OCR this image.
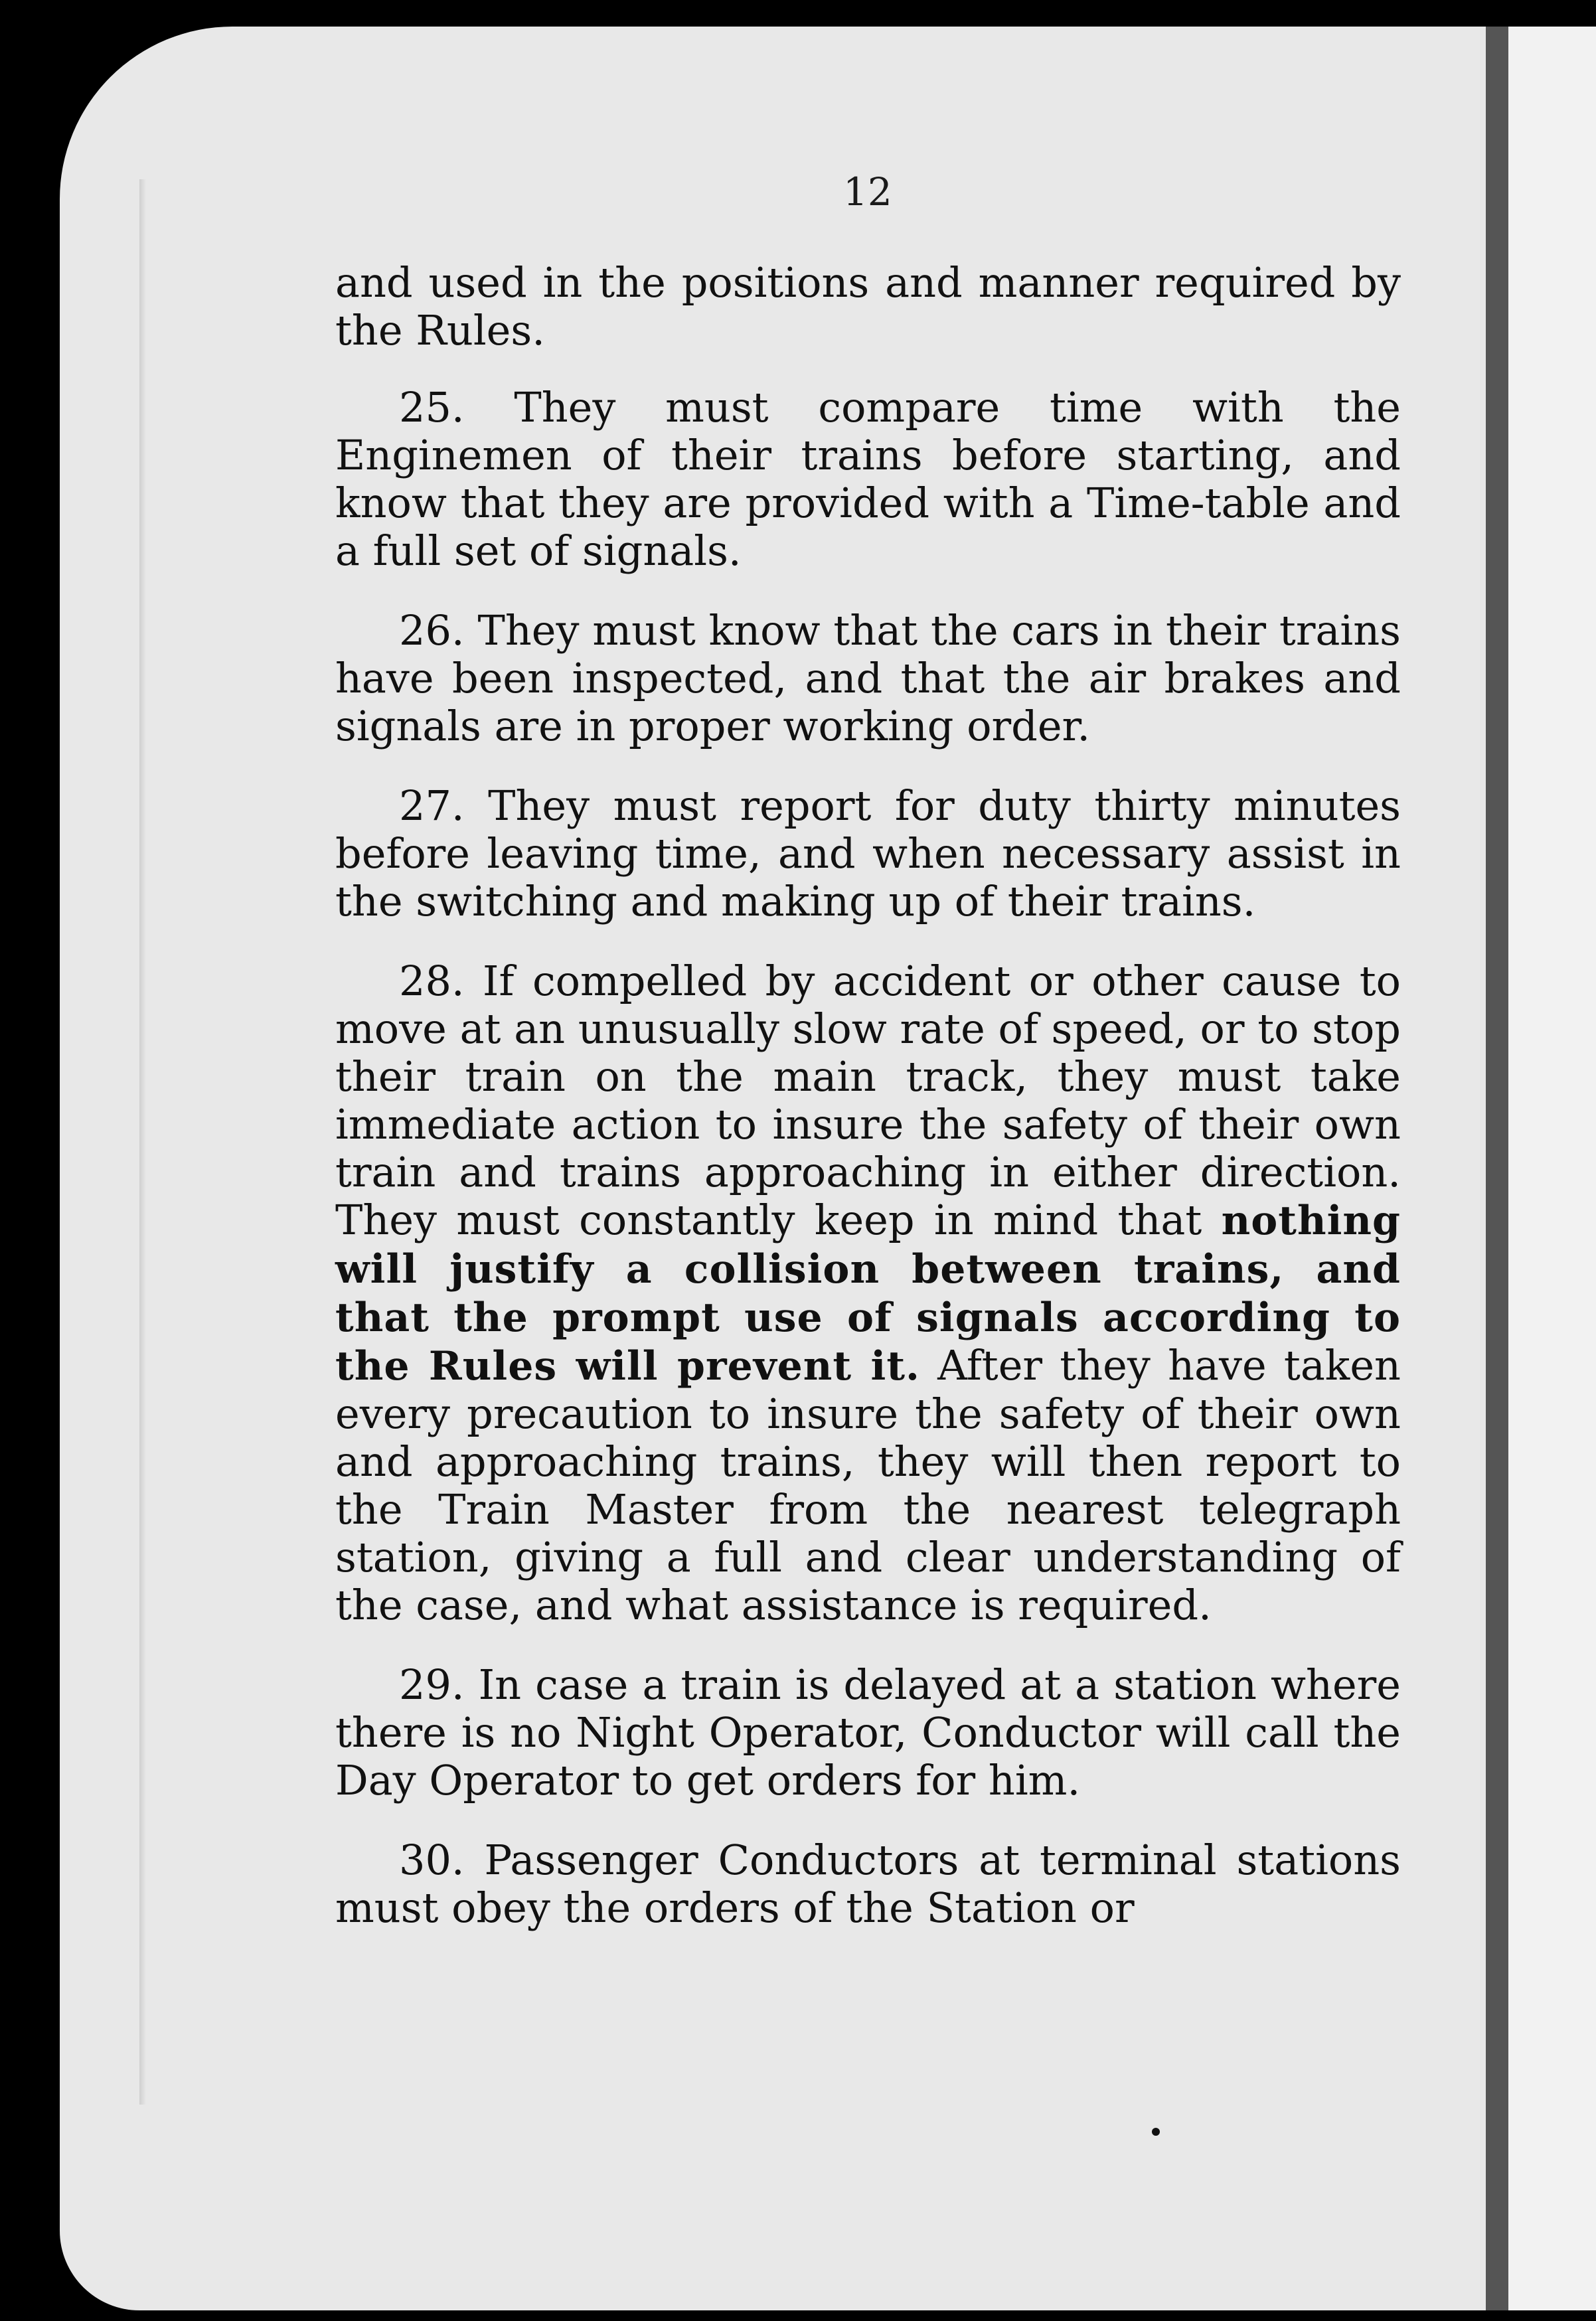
12

and used in the positions and manner required by the Rules.

25. They must compare time with the Enginemen of their trains before starting, and know that they are provided with a Time-table and a full set of signals.

26. They must know that the cars in their trains have been inspected, and that the air brakes and signals are in proper working order.

27. They must report for duty thirty minutes before leaving time, and when necessary assist in the switching and making up of their trains.

28. If compelled by accident or other cause to move at an unusually slow rate of speed, or to stop their train on the main track, they must take immediate action to insure the safety of their own train and trains approaching in either direction. They must constantly keep in mind that nothing will justify a collision between trains, and that the prompt use of signals according to the Rules will prevent it. After they have taken every precaution to insure the safety of their own and approaching trains, they will then report to the Train Master from the nearest telegraph station, giving a full and clear understanding of the case, and what assistance is required.

29. In case a train is delayed at a station where there is no Night Operator, Conductor will call the Day Operator to get orders for him.

30. Passenger Conductors at terminal stations must obey the orders of the Station or
